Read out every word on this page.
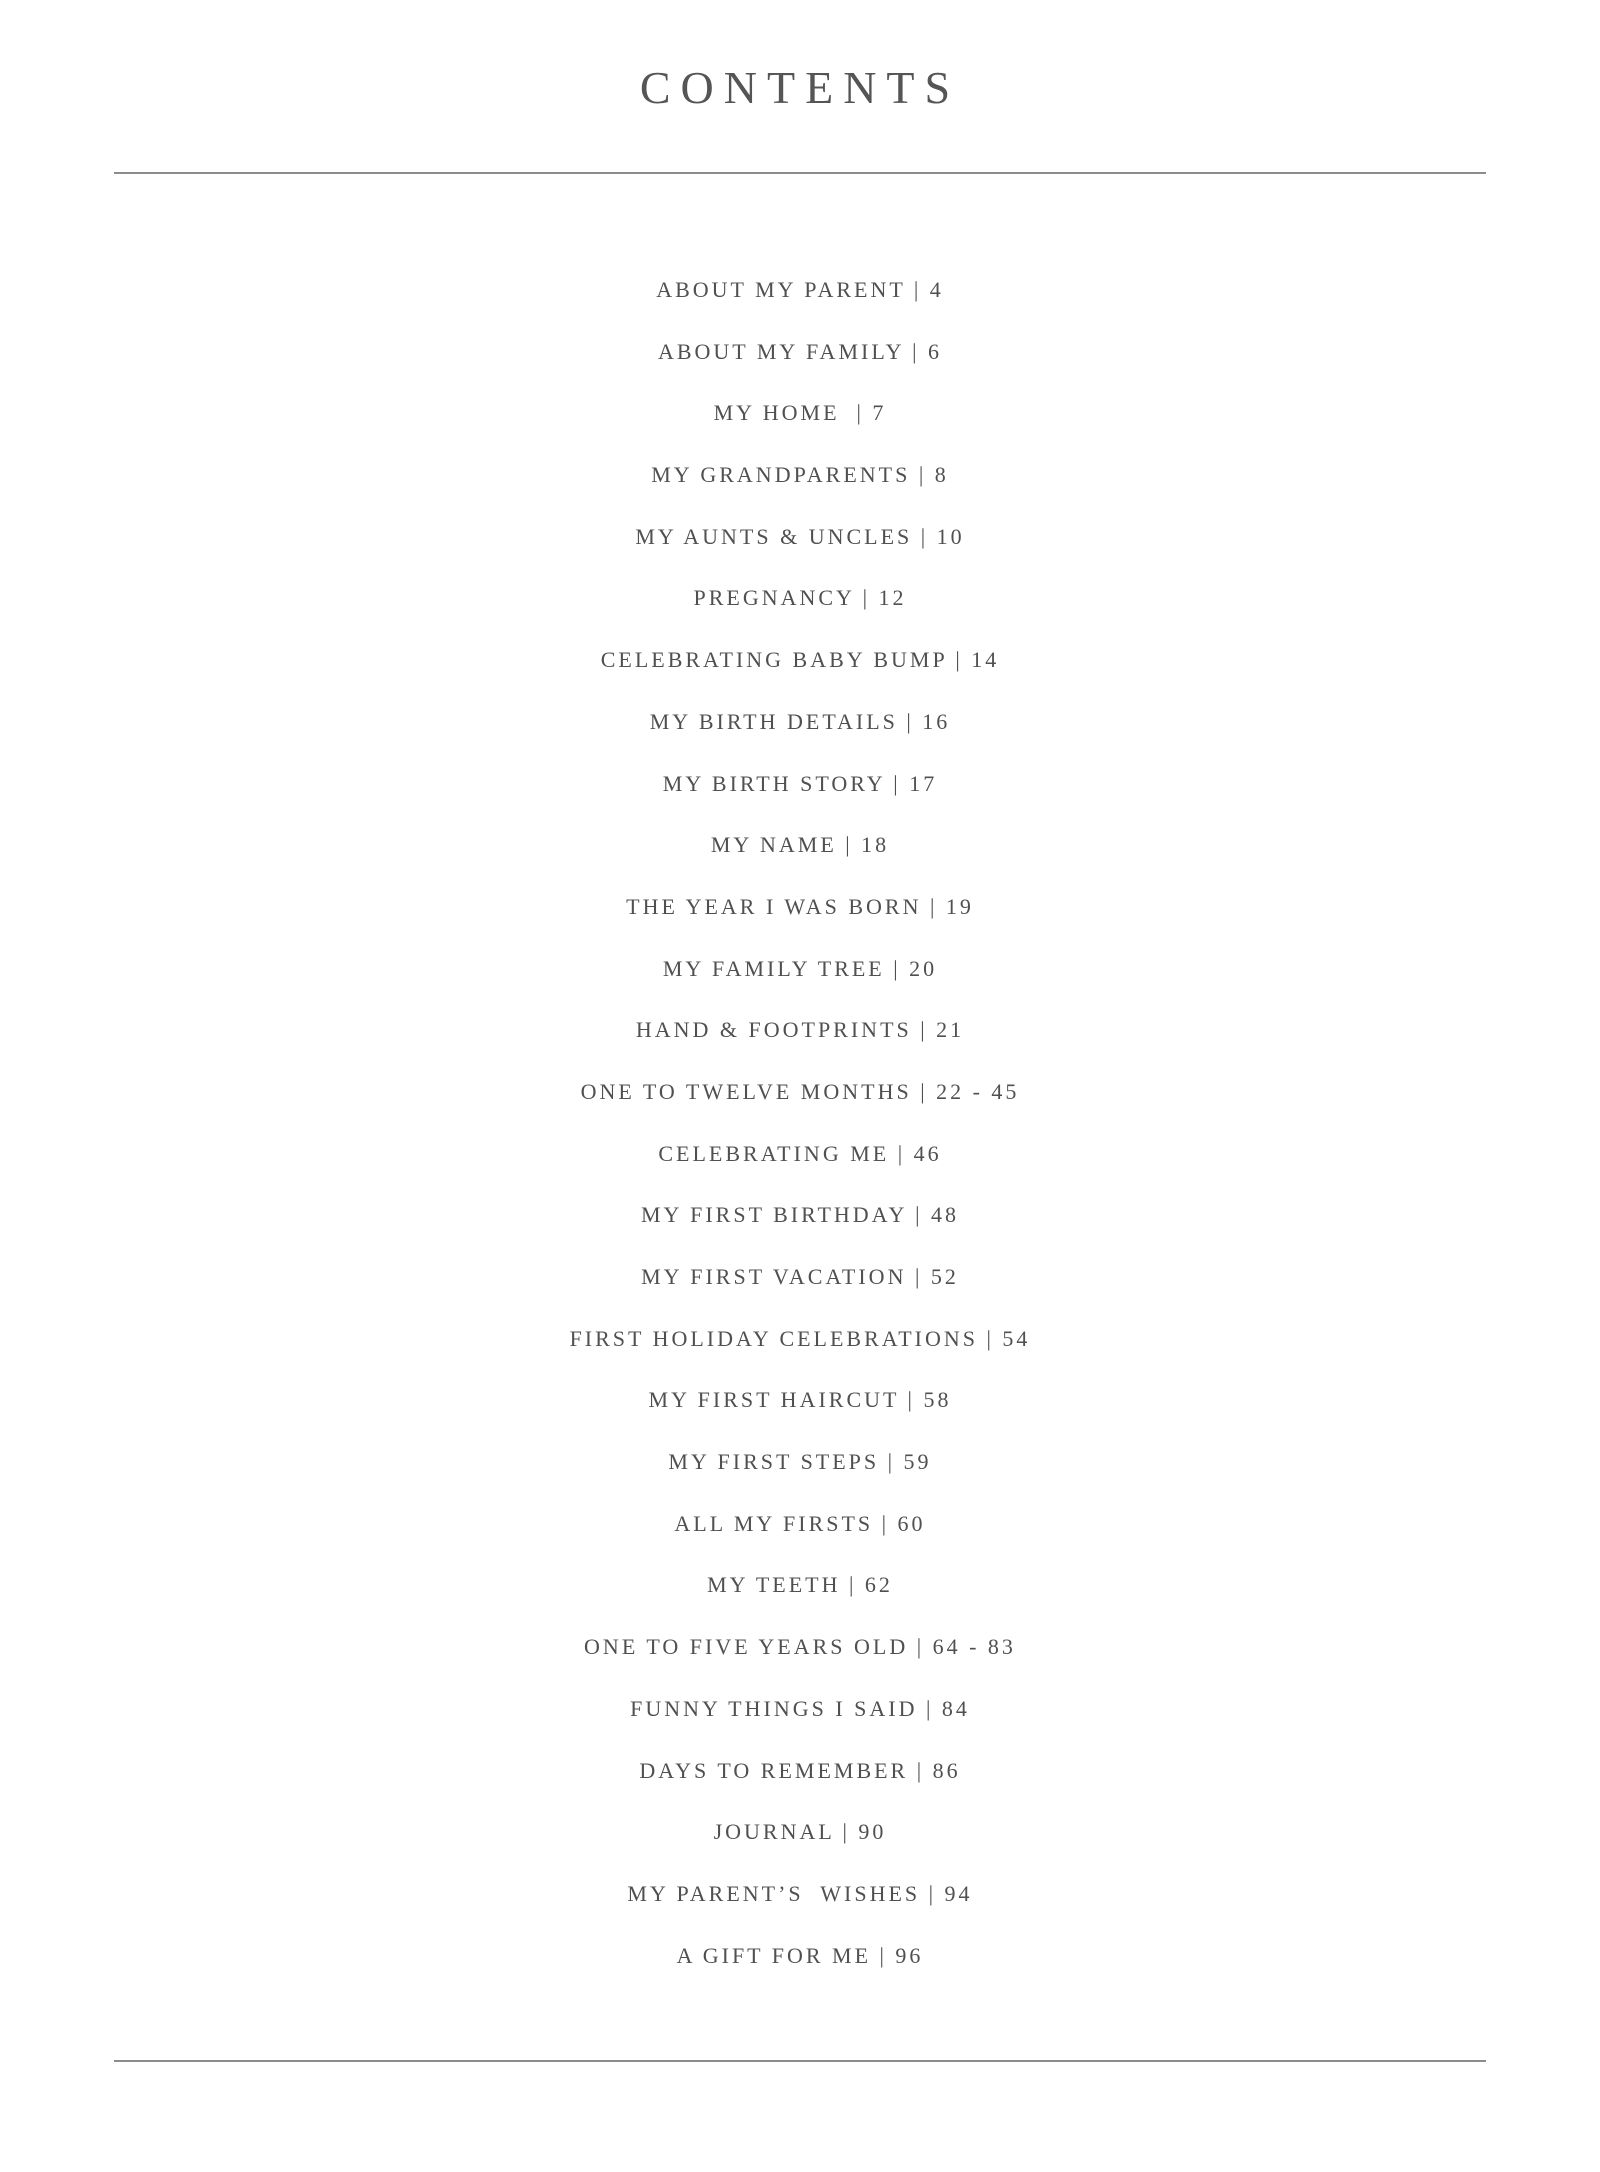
CONTENTS
ABOUT MY PARENT | 4
ABOUT MY FAMILY | 6
MY HOME  | 7
MY GRANDPARENTS | 8
MY AUNTS & UNCLES | 10
PREGNANCY | 12
CELEBRATING BABY BUMP | 14
MY BIRTH DETAILS | 16
MY BIRTH STORY | 17
MY NAME | 18
THE YEAR I WAS BORN | 19
MY FAMILY TREE | 20
HAND & FOOTPRINTS | 21
ONE TO TWELVE MONTHS | 22 - 45
CELEBRATING ME | 46
MY FIRST BIRTHDAY | 48
MY FIRST VACATION | 52
FIRST HOLIDAY CELEBRATIONS | 54
MY FIRST HAIRCUT | 58
MY FIRST STEPS | 59
ALL MY FIRSTS | 60
MY TEETH | 62
ONE TO FIVE YEARS OLD | 64 - 83
FUNNY THINGS I SAID | 84
DAYS TO REMEMBER | 86
JOURNAL | 90
MY PARENT’S  WISHES | 94
A GIFT FOR ME | 96
